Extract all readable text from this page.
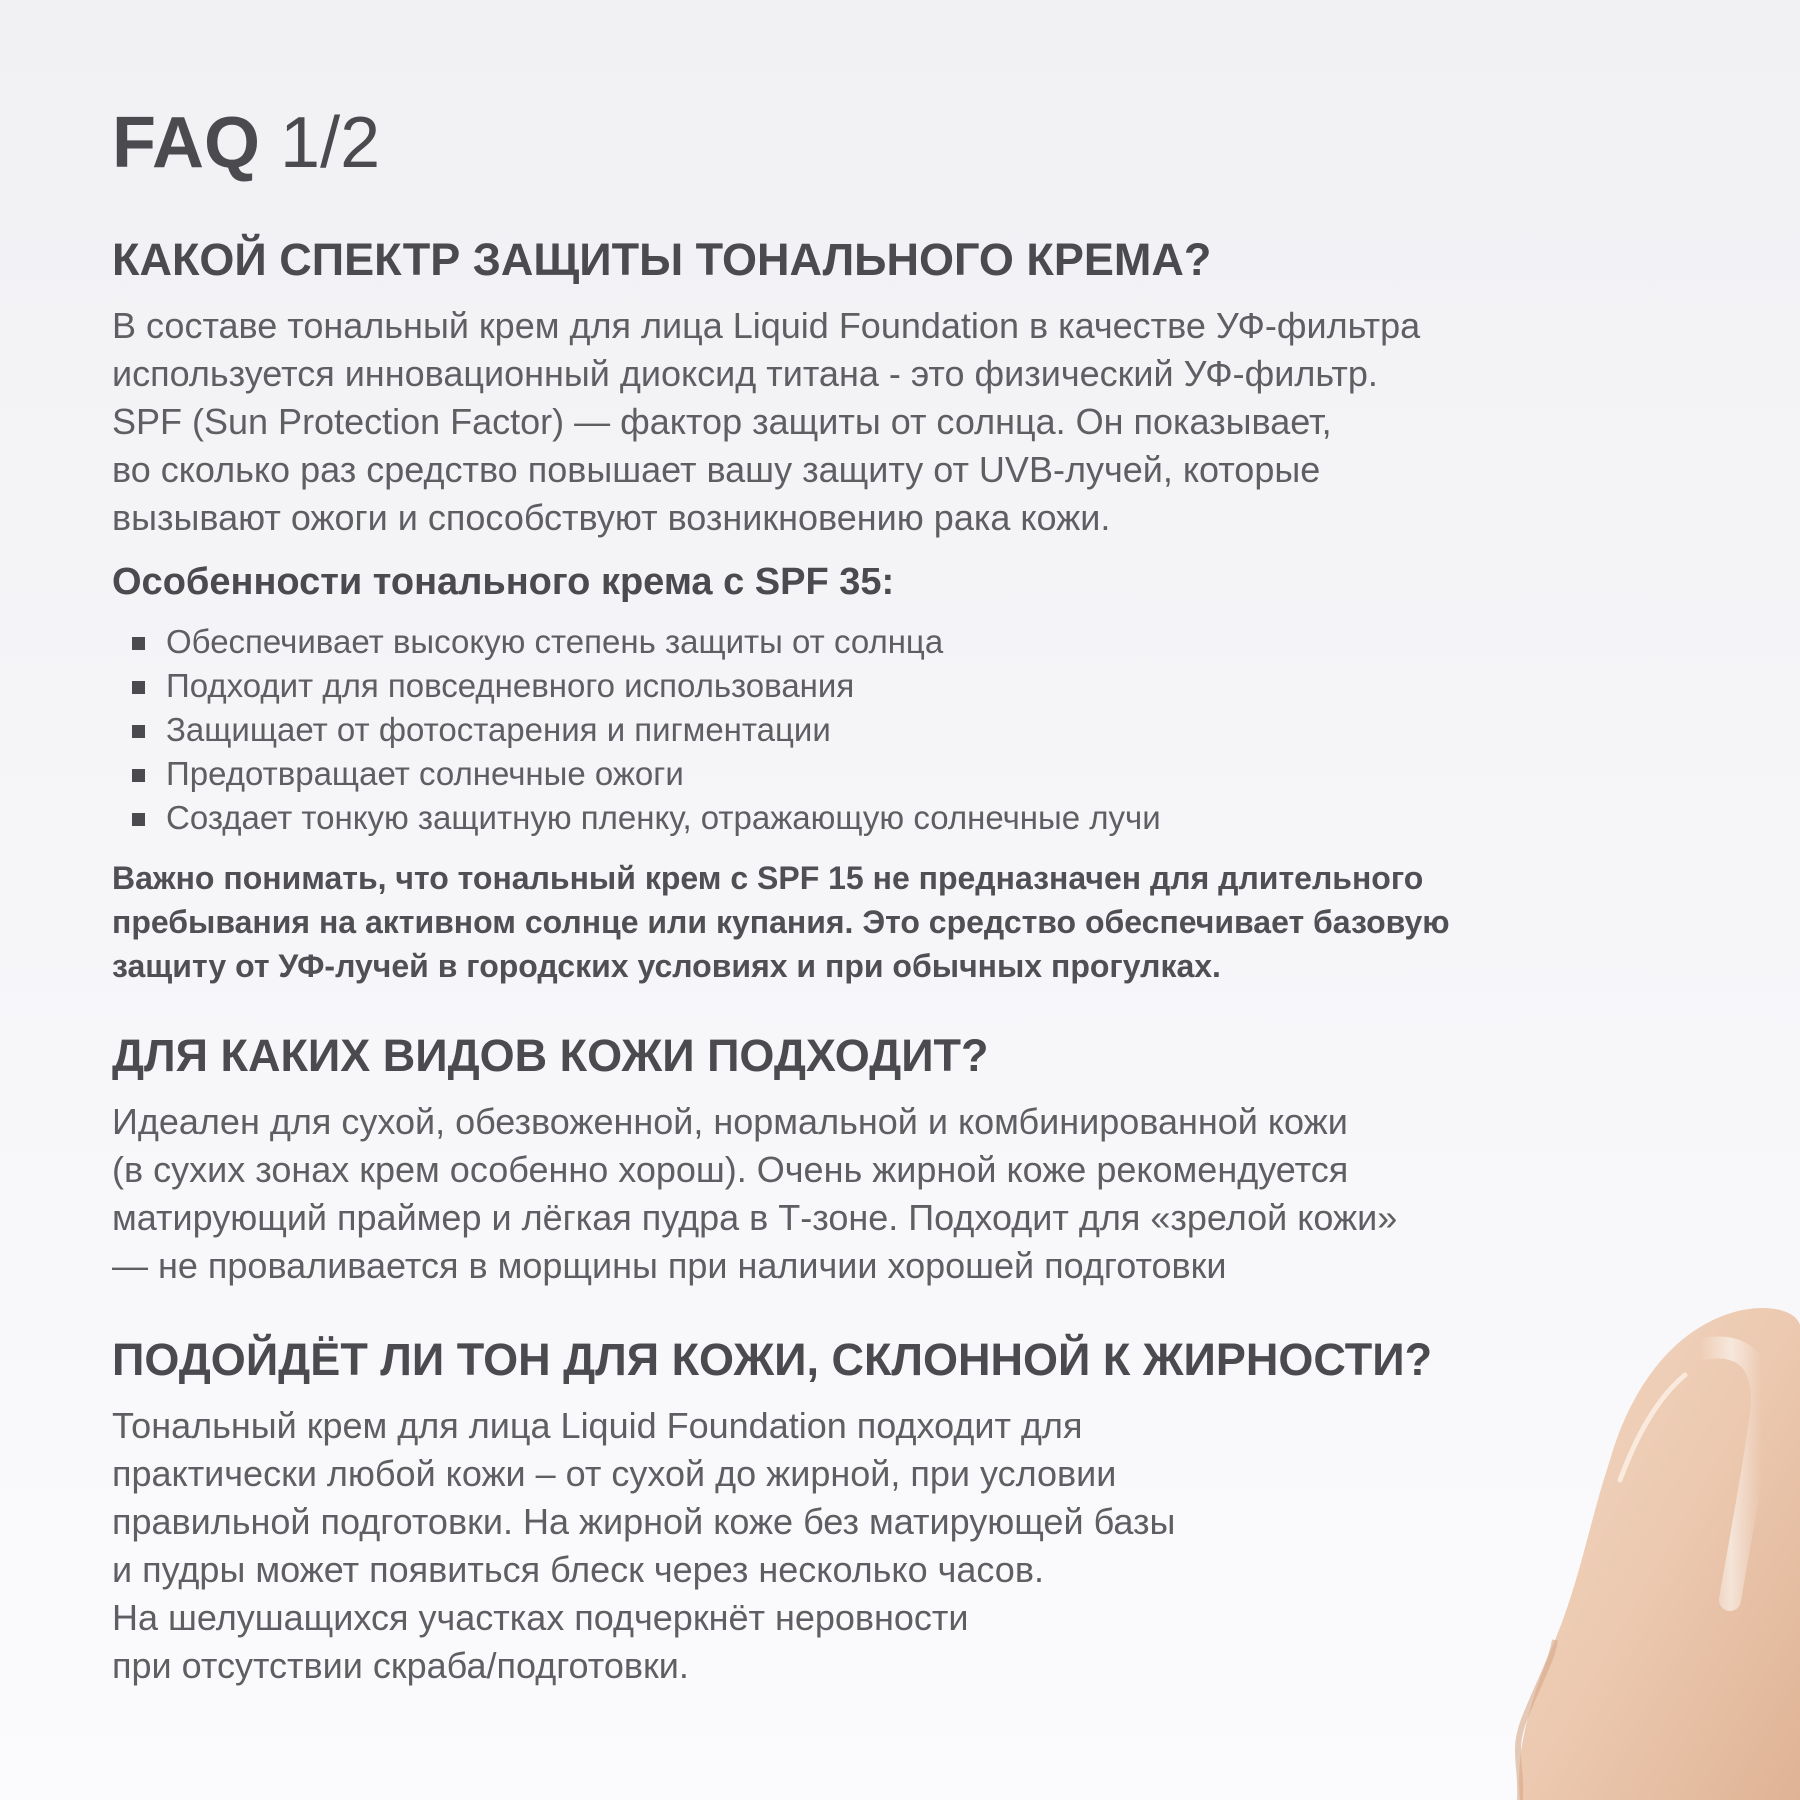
FAQ 1/2
КАКОЙ СПЕКТР ЗАЩИТЫ ТОНАЛЬНОГО КРЕМА?
В составе тональный крем для лица Liquid Foundation в качестве УФ-фильтра
используется инновационный диоксид титана - это физический УФ-фильтр.
SPF (Sun Protection Factor) — фактор защиты от солнца. Он показывает,
во сколько раз средство повышает вашу защиту от UVB-лучей, которые
вызывают ожоги и способствуют возникновению рака кожи.
Особенности тонального крема с SPF 35:
Обеспечивает высокую степень защиты от солнца
Подходит для повседневного использования
Защищает от фотостарения и пигментации
Предотвращает солнечные ожоги
Создает тонкую защитную пленку, отражающую солнечные лучи
Важно понимать, что тональный крем с SPF 15 не предназначен для длительного
пребывания на активном солнце или купания. Это средство обеспечивает базовую
защиту от УФ-лучей в городских условиях и при обычных прогулках.
ДЛЯ КАКИХ ВИДОВ КОЖИ ПОДХОДИТ?
Идеален для сухой, обезвоженной, нормальной и комбинированной кожи
(в сухих зонах крем особенно хорош). Очень жирной коже рекомендуется
матирующий праймер и лёгкая пудра в Т-зоне. Подходит для «зрелой кожи»
— не проваливается в морщины при наличии хорошей подготовки
ПОДОЙДЁТ ЛИ ТОН ДЛЯ КОЖИ, СКЛОННОЙ К ЖИРНОСТИ?
Тональный крем для лица Liquid Foundation подходит для
практически любой кожи – от сухой до жирной, при условии
правильной подготовки. На жирной коже без матирующей базы
и пудры может появиться блеск через несколько часов.
На шелушащихся участках подчеркнёт неровности
при отсутствии скраба/подготовки.
